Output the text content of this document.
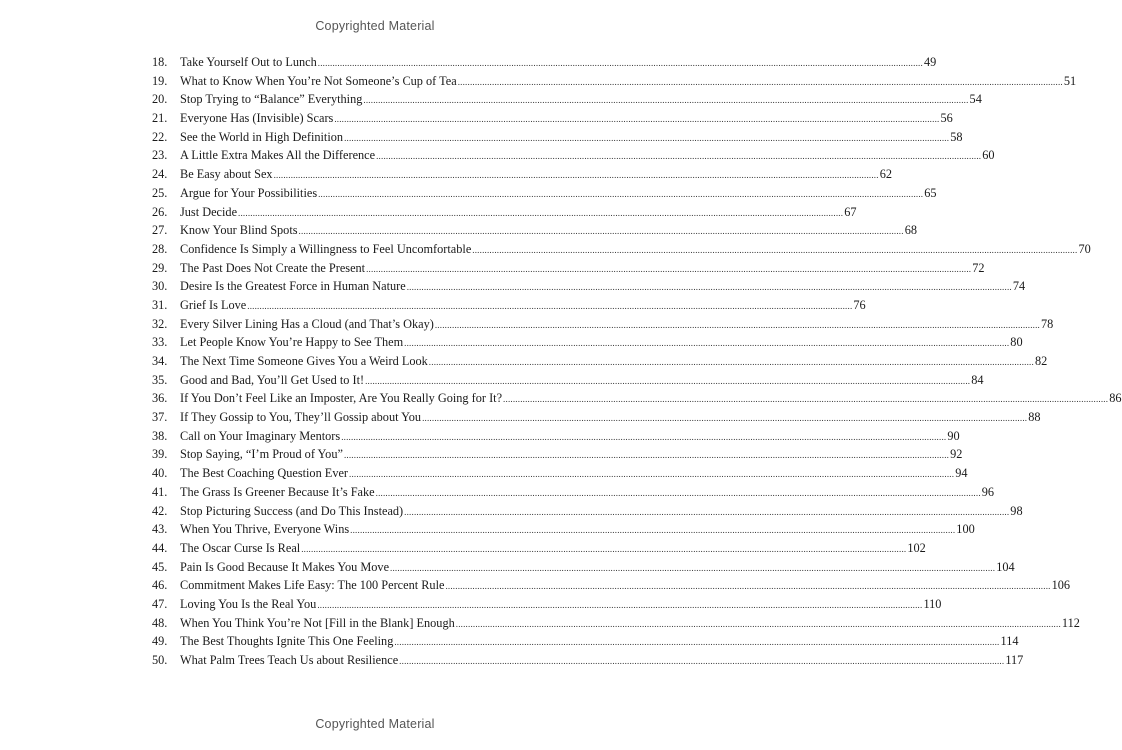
Copyrighted Material
18.	Take Yourself Out to Lunch .....	49
19.	What to Know When You’re Not Someone’s Cup of Tea .....	51
20.	Stop Trying to “Balance” Everything .....	54
21.	Everyone Has (Invisible) Scars .....	56
22.	See the World in High Definition .....	58
23.	A Little Extra Makes All the Difference .....	60
24.	Be Easy about Sex .....	62
25.	Argue for Your Possibilities .....	65
26.	Just Decide .....	67
27.	Know Your Blind Spots .....	68
28.	Confidence Is Simply a Willingness to Feel Uncomfortable .....	70
29.	The Past Does Not Create the Present .....	72
30.	Desire Is the Greatest Force in Human Nature .....	74
31.	Grief Is Love .....	76
32.	Every Silver Lining Has a Cloud (and That’s Okay) .....	78
33.	Let People Know You’re Happy to See Them .....	80
34.	The Next Time Someone Gives You a Weird Look .....	82
35.	Good and Bad, You’ll Get Used to It! .....	84
36.	If You Don’t Feel Like an Imposter, Are You Really Going for It? .....	86
37.	If They Gossip to You, They’ll Gossip about You .....	88
38.	Call on Your Imaginary Mentors .....	90
39.	Stop Saying, “I’m Proud of You” .....	92
40.	The Best Coaching Question Ever .....	94
41.	The Grass Is Greener Because It’s Fake .....	96
42.	Stop Picturing Success (and Do This Instead) .....	98
43.	When You Thrive, Everyone Wins .....	100
44.	The Oscar Curse Is Real .....	102
45.	Pain Is Good Because It Makes You Move .....	104
46.	Commitment Makes Life Easy: The 100 Percent Rule .....	106
47.	Loving You Is the Real You .....	110
48.	When You Think You’re Not [Fill in the Blank] Enough .....	112
49.	The Best Thoughts Ignite This One Feeling .....	114
50.	What Palm Trees Teach Us about Resilience .....	117
Copyrighted Material
